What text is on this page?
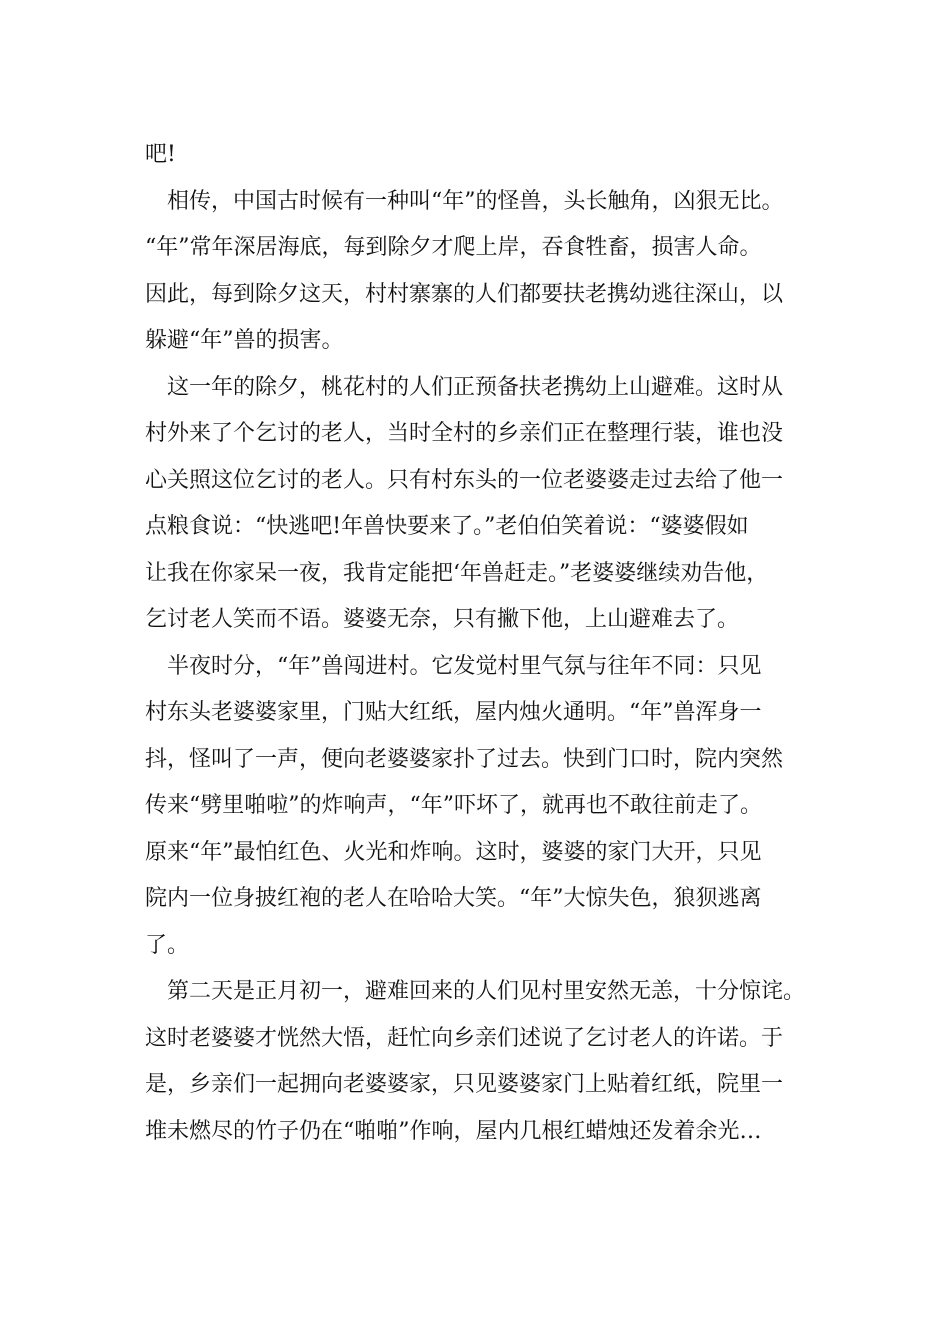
吧!
相传，中国古时候有一种叫“年”的怪兽，头长触角，凶狠无比。
“年”常年深居海底，每到除夕才爬上岸，吞食牲畜，损害人命。
因此，每到除夕这天，村村寨寨的人们都要扶老携幼逃往深山，以
躲避“年”兽的损害。
这一年的除夕，桃花村的人们正预备扶老携幼上山避难。这时从
村外来了个乞讨的老人，当时全村的乡亲们正在整理行装，谁也没
心关照这位乞讨的老人。只有村东头的一位老婆婆走过去给了他一
点粮食说：“快逃吧!年兽快要来了。”老伯伯笑着说：“婆婆假如
让我在你家呆一夜，我肯定能把‘年兽赶走。”老婆婆继续劝告他，
乞讨老人笑而不语。婆婆无奈，只有撇下他，上山避难去了。
半夜时分，“年”兽闯进村。它发觉村里气氛与往年不同：只见
村东头老婆婆家里，门贴大红纸，屋内烛火通明。“年”兽浑身一
抖，怪叫了一声，便向老婆婆家扑了过去。快到门口时，院内突然
传来“劈里啪啦”的炸响声，“年”吓坏了，就再也不敢往前走了。
原来“年”最怕红色、火光和炸响。这时，婆婆的家门大开，只见
院内一位身披红袍的老人在哈哈大笑。“年”大惊失色，狼狈逃离
了。
第二天是正月初一，避难回来的人们见村里安然无恙，十分惊诧。
这时老婆婆才恍然大悟，赶忙向乡亲们述说了乞讨老人的许诺。于
是，乡亲们一起拥向老婆婆家，只见婆婆家门上贴着红纸，院里一
堆未燃尽的竹子仍在“啪啪”作响，屋内几根红蜡烛还发着余光…
